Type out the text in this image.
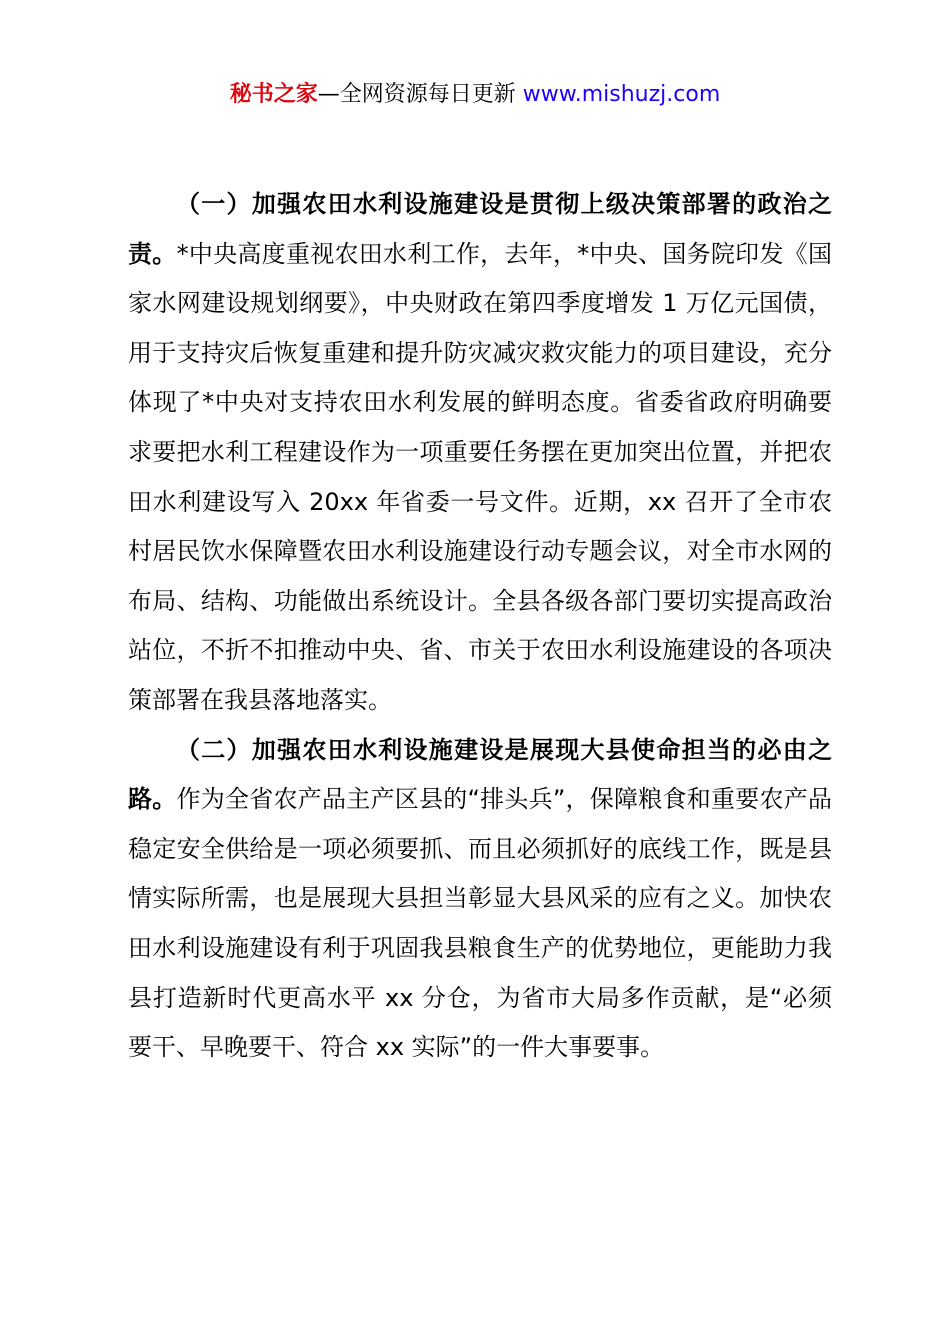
秘书之家—全网资源每日更新 www.mishuzj.com

（一）加强农田水利设施建设是贯彻上级决策部署的政治之责。*中央高度重视农田水利工作，去年，*中央、国务院印发《国家水网建设规划纲要》，中央财政在第四季度增发 1 万亿元国债，用于支持灾后恢复重建和提升防灾减灾救灾能力的项目建设，充分体现了*中央对支持农田水利发展的鲜明态度。省委省政府明确要求要把水利工程建设作为一项重要任务摆在更加突出位置，并把农田水利建设写入 20xx 年省委一号文件。近期，xx 召开了全市农村居民饮水保障暨农田水利设施建设行动专题会议，对全市水网的布局、结构、功能做出系统设计。全县各级各部门要切实提高政治站位，不折不扣推动中央、省、市关于农田水利设施建设的各项决策部署在我县落地落实。

（二）加强农田水利设施建设是展现大县使命担当的必由之路。作为全省农产品主产区县的“排头兵”，保障粮食和重要农产品稳定安全供给是一项必须要抓、而且必须抓好的底线工作，既是县情实际所需，也是展现大县担当彰显大县风采的应有之义。加快农田水利设施建设有利于巩固我县粮食生产的优势地位，更能助力我县打造新时代更高水平 xx 分仓，为省市大局多作贡献，是“必须要干、早晚要干、符合 xx 实际”的一件大事要事。
